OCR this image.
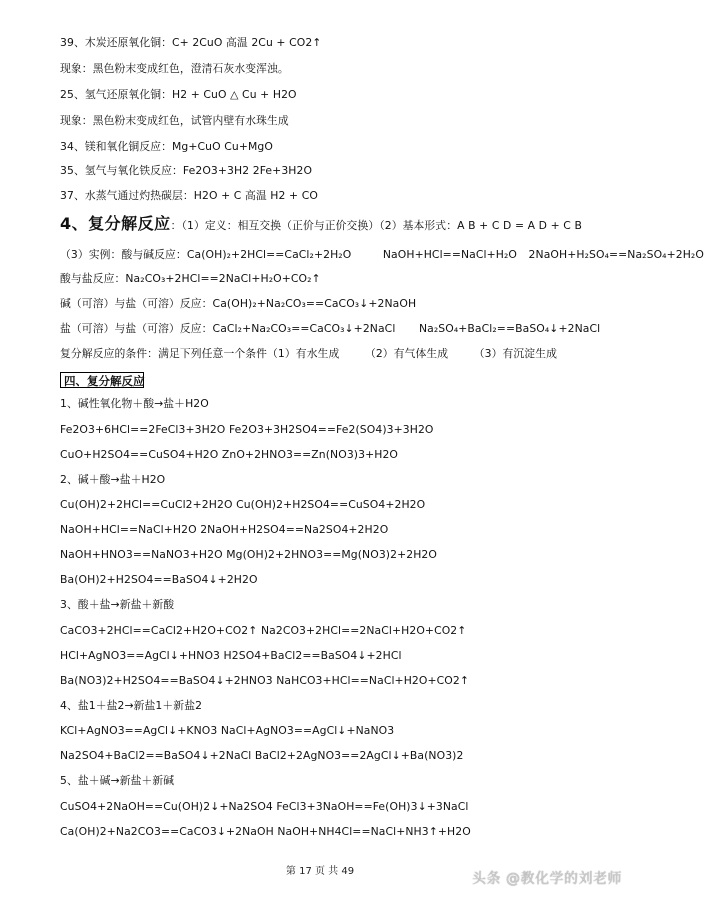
39、木炭还原氧化铜：C+ 2CuO 高温 2Cu + CO2↑
现象：黑色粉末变成红色，澄清石灰水变浑浊。
25、氢气还原氧化铜：H2 + CuO △ Cu + H2O
现象：黑色粉末变成红色，试管内壁有水珠生成
34、镁和氧化铜反应：Mg+CuO Cu+MgO
35、氢气与氧化铁反应：Fe2O3+3H2 2Fe+3H2O
37、水蒸气通过灼热碳层：H2O + C 高温 H2 + CO
4、复分解反应：（1）定义：相互交换（正价与正价交换）（2）基本形式：A B + C D = A D + C B
（3）实例：酸与碱反应：Ca(OH)₂+2HCl==CaCl₂+2H₂O	NaOH+HCl==NaCl+H₂O 2NaOH+H₂SO₄==Na₂SO₄+2H₂O
酸与盐反应：Na₂CO₃+2HCl==2NaCl+H₂O+CO₂↑
碱（可溶）与盐（可溶）反应：Ca(OH)₂+Na₂CO₃==CaCO₃↓+2NaOH
盐（可溶）与盐（可溶）反应：CaCl₂+Na₂CO₃==CaCO₃↓+2NaCl Na₂SO₄+BaCl₂==BaSO₄↓+2NaCl
复分解反应的条件：满足下列任意一个条件（1）有水生成 （2）有气体生成 （3）有沉淀生成
四、复分解反应
1、碱性氧化物＋酸→盐＋H2O
Fe2O3+6HCl==2FeCl3+3H2O Fe2O3+3H2SO4==Fe2(SO4)3+3H2O
CuO+H2SO4==CuSO4+H2O ZnO+2HNO3==Zn(NO3)3+H2O
2、碱＋酸→盐＋H2O
Cu(OH)2+2HCl==CuCl2+2H2O Cu(OH)2+H2SO4==CuSO4+2H2O
NaOH+HCl==NaCl+H2O 2NaOH+H2SO4==Na2SO4+2H2O
NaOH+HNO3==NaNO3+H2O Mg(OH)2+2HNO3==Mg(NO3)2+2H2O
Ba(OH)2+H2SO4==BaSO4↓+2H2O
3、酸＋盐→新盐＋新酸
CaCO3+2HCl==CaCl2+H2O+CO2↑ Na2CO3+2HCl==2NaCl+H2O+CO2↑
HCl+AgNO3==AgCl↓+HNO3 H2SO4+BaCl2==BaSO4↓+2HCl
Ba(NO3)2+H2SO4==BaSO4↓+2HNO3 NaHCO3+HCl==NaCl+H2O+CO2↑
4、盐1＋盐2→新盐1＋新盐2
KCl+AgNO3==AgCl↓+KNO3 NaCl+AgNO3==AgCl↓+NaNO3
Na2SO4+BaCl2==BaSO4↓+2NaCl BaCl2+2AgNO3==2AgCl↓+Ba(NO3)2
5、盐＋碱→新盐＋新碱
CuSO4+2NaOH==Cu(OH)2↓+Na2SO4 FeCl3+3NaOH==Fe(OH)3↓+3NaCl
Ca(OH)2+Na2CO3==CaCO3↓+2NaOH NaOH+NH4Cl==NaCl+NH3↑+H2O
第 17 页 共 49	头条 @教化学的刘老师
